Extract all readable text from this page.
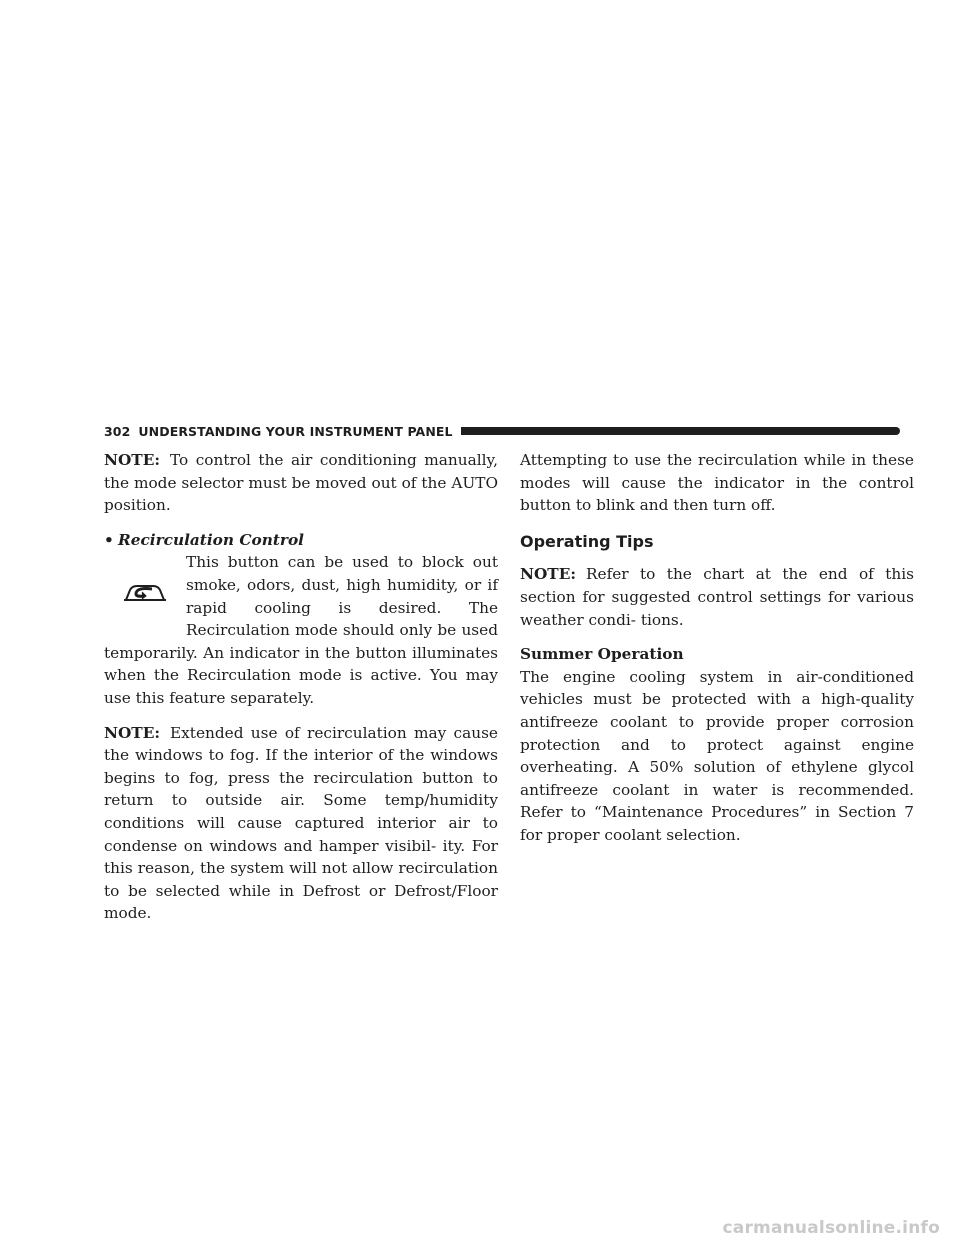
302 UNDERSTANDING YOUR INSTRUMENT PANEL

NOTE: To control the air conditioning manually, the mode selector must be moved out of the AUTO position.

• Recirculation Control

This button can be used to block out smoke, odors, dust, high humidity, or if rapid cooling is desired. The Recirculation mode should only be used temporarily. An indicator in the button illuminates when the Recirculation mode is active. You may use this feature separately.

NOTE: Extended use of recirculation may cause the windows to fog. If the interior of the windows begins to fog, press the recirculation button to return to outside air. Some temp/humidity conditions will cause captured interior air to condense on windows and hamper visibil- ity. For this reason, the system will not allow recirculation to be selected while in Defrost or Defrost/Floor mode.

Attempting to use the recirculation while in these modes will cause the indicator in the control button to blink and then turn off.

Operating Tips

NOTE: Refer to the chart at the end of this section for suggested control settings for various weather condi- tions.

Summer Operation

The engine cooling system in air-conditioned vehicles must be protected with a high-quality antifreeze coolant to provide proper corrosion protection and to protect against engine overheating. A 50% solution of ethylene glycol antifreeze coolant in water is recommended. Refer to “Maintenance Procedures” in Section 7 for proper coolant selection.

carmanualsonline.info
